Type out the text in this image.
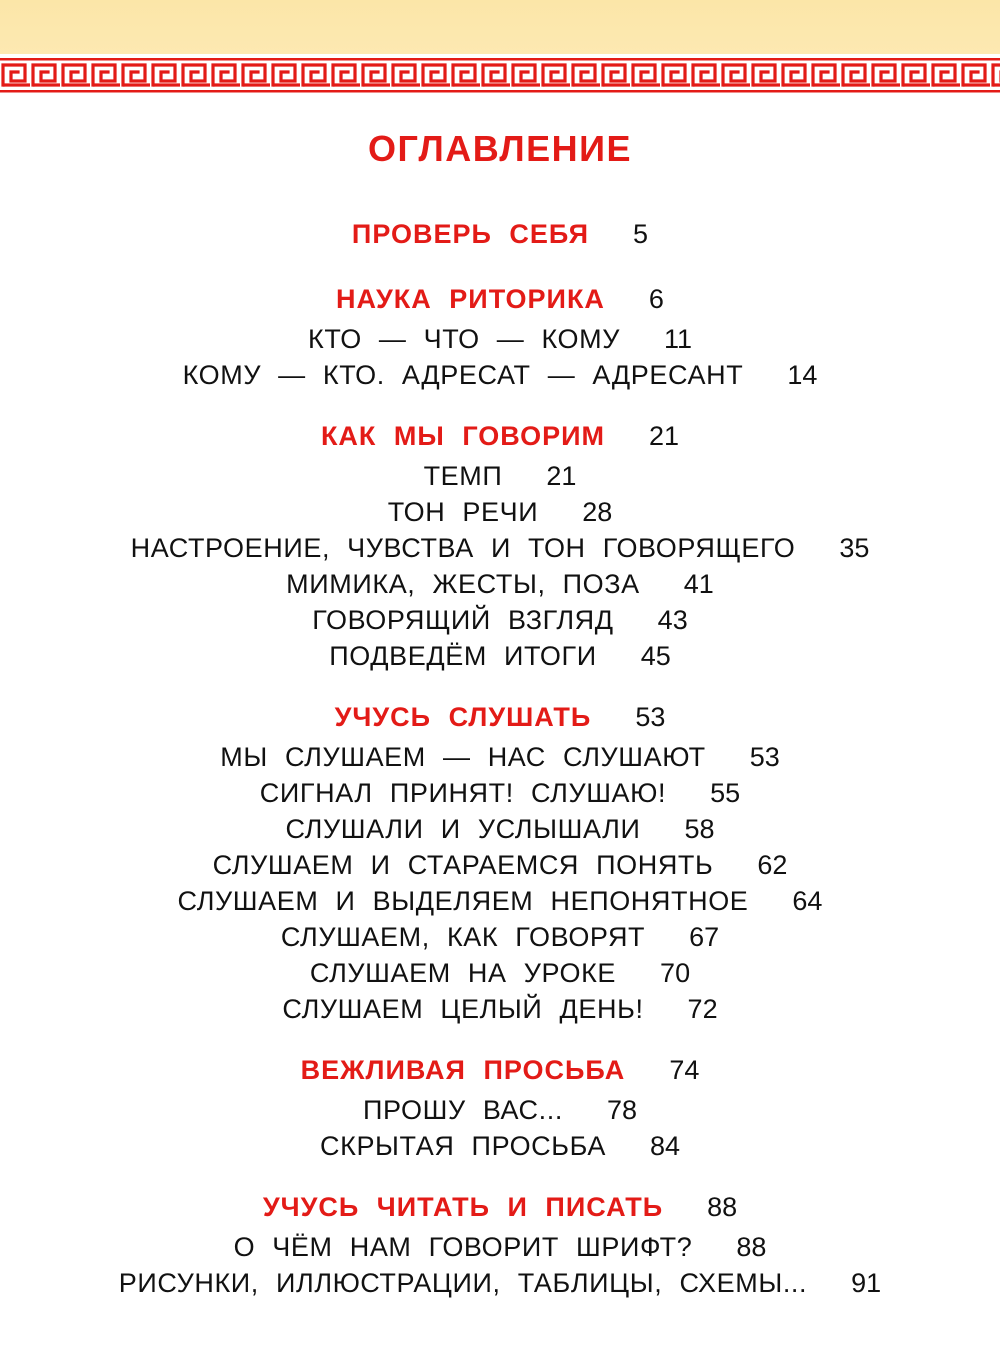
ОГЛАВЛЕНИЕ
ПРОВЕРЬ СЕБЯ 5
НАУКА РИТОРИКА 6
КТО — ЧТО — КОМУ 11
КОМУ — КТО. АДРЕСАТ — АДРЕСАНТ 14
КАК МЫ ГОВОРИМ 21
ТЕМП 21
ТОН РЕЧИ 28
НАСТРОЕНИЕ, ЧУВСТВА И ТОН ГОВОРЯЩЕГО 35
МИМИКА, ЖЕСТЫ, ПОЗА 41
ГОВОРЯЩИЙ ВЗГЛЯД 43
ПОДВЕДЁМ ИТОГИ 45
УЧУСЬ СЛУШАТЬ 53
МЫ СЛУШАЕМ — НАС СЛУШАЮТ 53
СИГНАЛ ПРИНЯТ! СЛУШАЮ! 55
СЛУШАЛИ И УСЛЫШАЛИ 58
СЛУШАЕМ И СТАРАЕМСЯ ПОНЯТЬ 62
СЛУШАЕМ И ВЫДЕЛЯЕМ НЕПОНЯТНОЕ 64
СЛУШАЕМ, КАК ГОВОРЯТ 67
СЛУШАЕМ НА УРОКЕ 70
СЛУШАЕМ ЦЕЛЫЙ ДЕНЬ! 72
ВЕЖЛИВАЯ ПРОСЬБА 74
ПРОШУ ВАС... 78
СКРЫТАЯ ПРОСЬБА 84
УЧУСЬ ЧИТАТЬ И ПИСАТЬ 88
О ЧЁМ НАМ ГОВОРИТ ШРИФТ? 88
РИСУНКИ, ИЛЛЮСТРАЦИИ, ТАБЛИЦЫ, СХЕМЫ... 91
